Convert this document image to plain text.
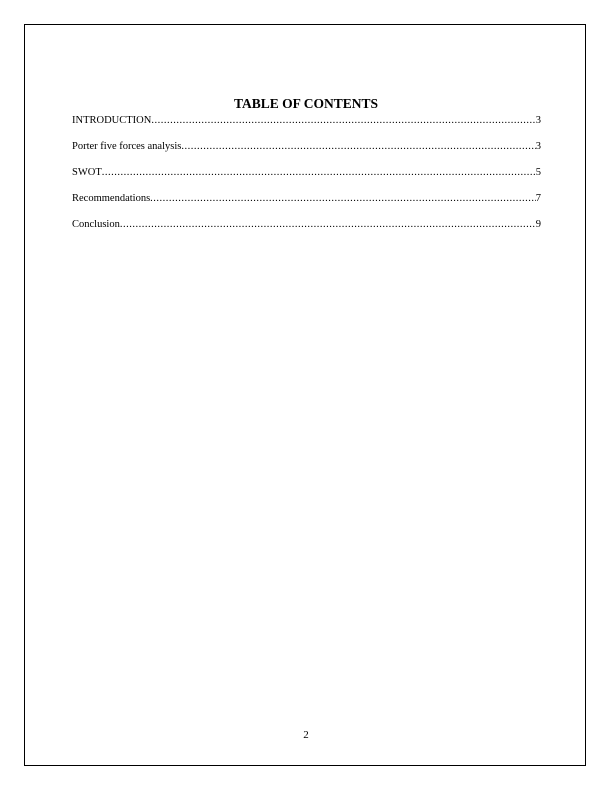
TABLE OF CONTENTS
INTRODUCTION .....	3
Porter five forces analysis .....	3
SWOT .....	5
Recommendations .....	7
Conclusion .....	9
2
